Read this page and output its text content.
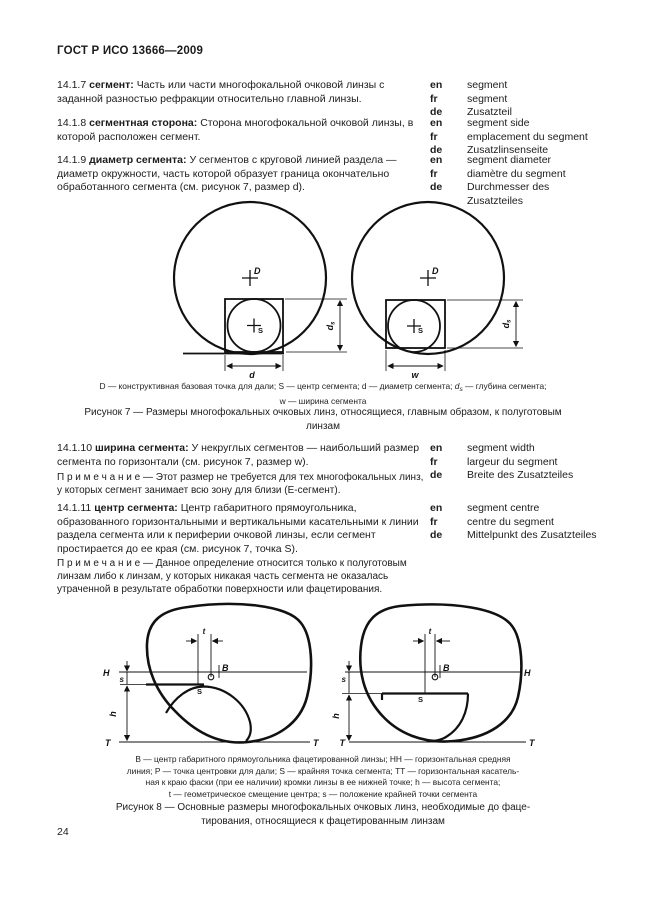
ГОСТ Р ИСО 13666—2009
14.1.7 сегмент: Часть или части многофокальной очковой линзы с заданной разностью рефракции относительно главной линзы.
en	segment
fr	segment
de	Zusatzteil
14.1.8 сегментная сторона: Сторона многофокальной очковой линзы, в которой расположен сегмент.
en	segment side
fr	emplacement du segment
de	Zusatzlinsenseite
14.1.9 диаметр сегмента: У сегментов с круговой линией раздела — диаметр окружности, часть которой образует граница окончательно обработанного сегмента (см. рисунок 7, размер d).
en	segment diameter
fr	diamètre du segment
de	Durchmesser des Zusatzteiles
D
S
d
ds
D
S
w
ds
D — конструктивная базовая точка для дали; S — центр сегмента; d — диаметр сегмента; $d_s$ — глубина сегмента;
w — ширина сегмента
Рисунок 7 — Размеры многофокальных очковых линз, относящиеся, главным образом, к полуготовым
линзам
14.1.10 ширина сегмента: У некруглых сегментов — наибольший размер сегмента по горизонтали (см. рисунок 7, размер w).
en	segment width
fr	largeur du segment
de	Breite des Zusatzteiles
П р и м е ч а н и е — Этот размер не требуется для тех многофокальных линз, у которых сегмент занимает всю зону для близи (E-сегмент).
14.1.11 центр сегмента: Центр габаритного прямоугольника, образованного горизонтальными и вертикальными касательными к линии раздела сегмента или к периферии очковой линзы, если сегмент простирается до ее края (см. рисунок 7, точка S).
en	segment centre
fr	centre du segment
de	Mittelpunkt des Zusatzteiles
П р и м е ч а н и е — Данное определение относится только к полуготовым линзам либо к линзам, у которых никакая часть сегмента не оказалась утраченной в результате обработки поверхности или фацетирования.
H
T	T
s
h
t
B
S
H
T
T
s
h
t
B
S
B — центр габаритного прямоугольника фацетированной линзы; HH — горизонтальная средняя
линия; P — точка центровки для дали; S — крайняя точка сегмента; TT — горизонтальная касатель-
ная к краю фаски (при ее наличии) кромки линзы в ее нижней точке; h — высота сегмента;
t — геометрическое смещение центра; s — положение крайней точки сегмента
Рисунок 8 — Основные размеры многофокальных очковых линз, необходимые до фаце-
тирования, относящиеся к фацетированным линзам
24
